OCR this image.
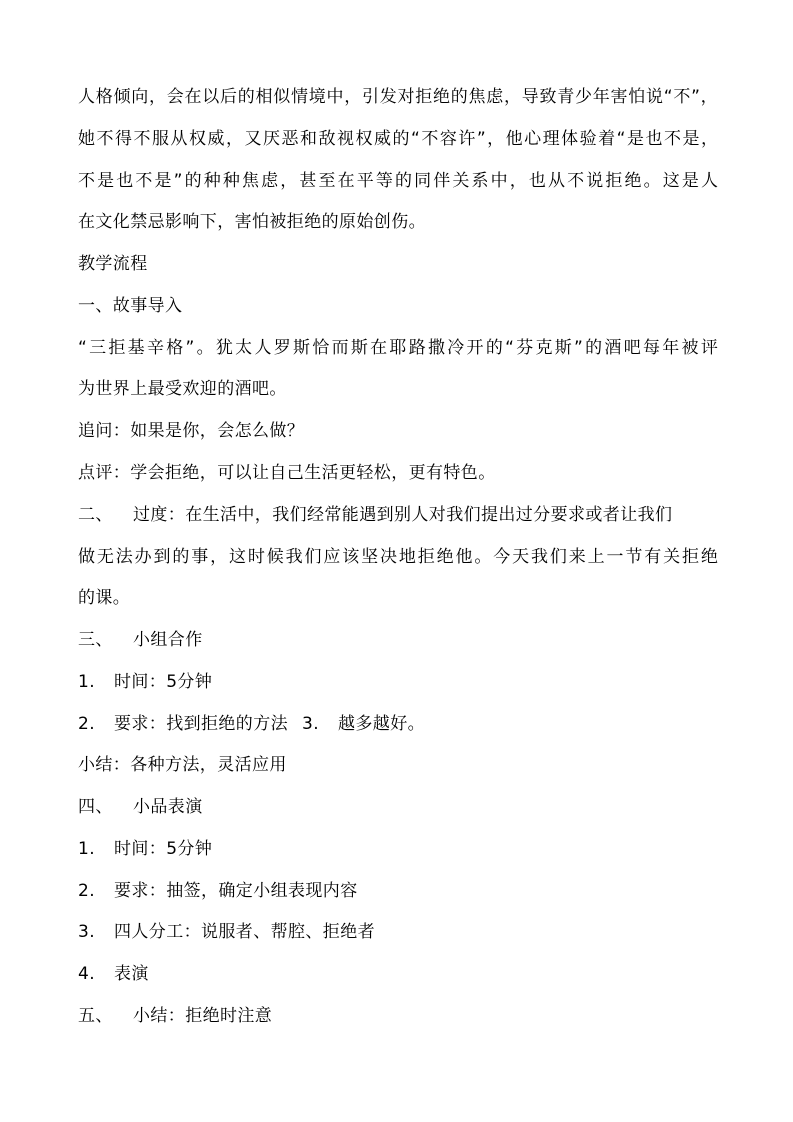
人 格 倾 向 ， 会 在 以 后 的 相 似 情 境 中 ， 引 发 对 拒 绝 的 焦 虑 ， 导 致 青 少 年 害 怕 说 “ 不 ” ，
她 不 得 不 服 从 权 威 ， 又 厌 恶 和 敌 视 权 威 的 “ 不 容 许 ” ， 他 心 理 体 验 着 “ 是 也 不 是 ，
不 是 也 不 是 ” 的 种 种 焦 虑 ， 甚 至 在 平 等 的 同 伴 关 系 中 ， 也 从 不 说 拒 绝 。 这 是 人
在文化禁忌影响下，害怕被拒绝的原始创伤。
教学流程
一、故事导入
“ 三 拒 基 辛 格 ” 。 犹 太 人 罗 斯 恰 而 斯 在 耶 路 撒 冷 开 的 “ 芬 克 斯 ” 的 酒 吧 每 年 被 评
为世界上最受欢迎的酒吧。
追问：如果是你，会怎么做？
点评：学会拒绝，可以让自己生活更轻松，更有特色。
二、 过度：在生活中，我们经常能遇到别人对我们提出过分要求或者让我们
做 无 法 办 到 的 事 ， 这 时 候 我 们 应 该 坚 决 地 拒 绝 他 。 今 天 我 们 来 上 一 节 有 关 拒 绝
的课。
三、 小组合作
1. 时间：5分钟
2. 要求：找到拒绝的方法 3. 越多越好。
小结：各种方法，灵活应用
四、 小品表演
1. 时间：5分钟
2. 要求：抽签，确定小组表现内容
3. 四人分工：说服者、帮腔、拒绝者
4. 表演
五、 小结：拒绝时注意
